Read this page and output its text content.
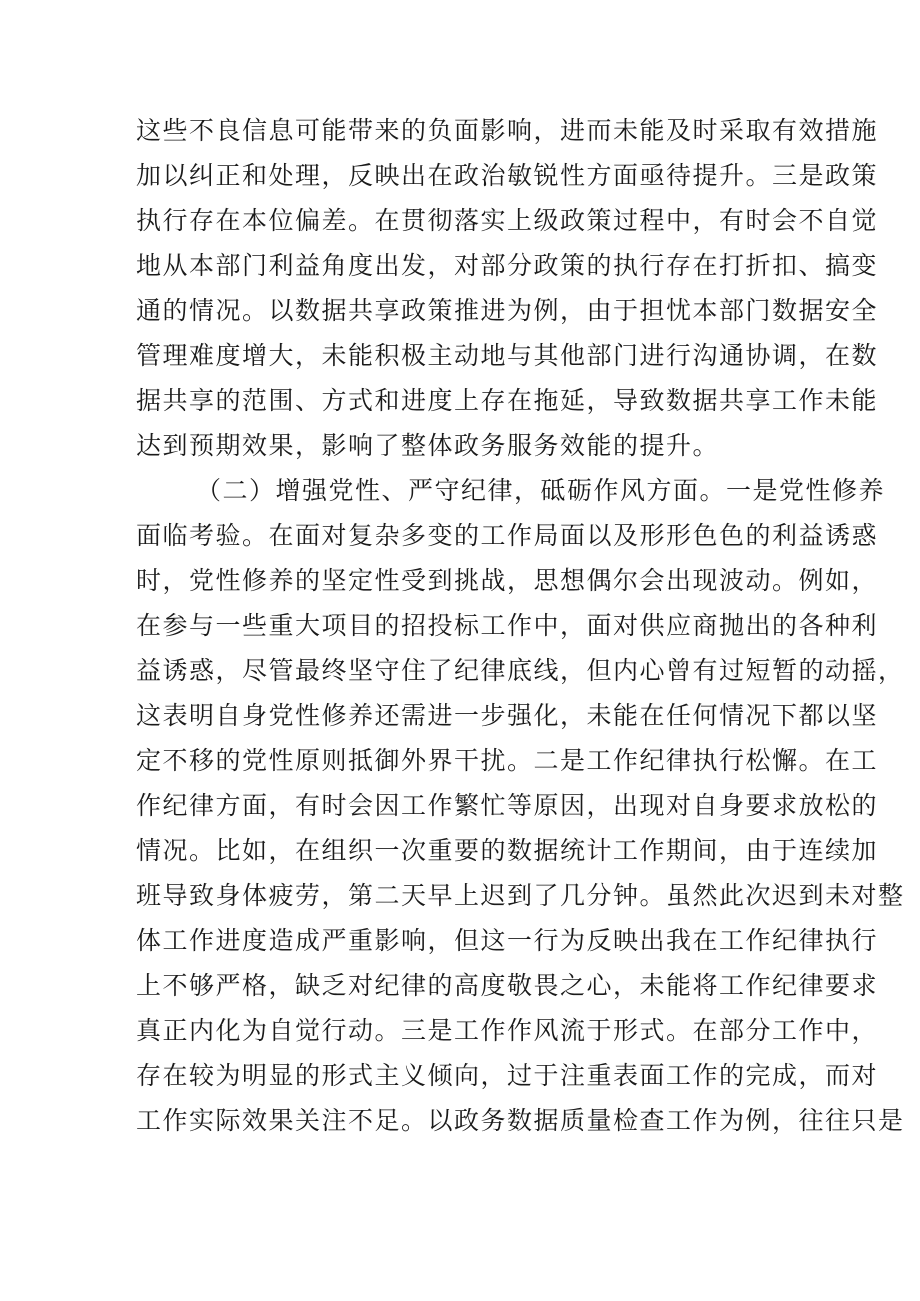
这些不良信息可能带来的负面影响，进而未能及时采取有效措施
加以纠正和处理，反映出在政治敏锐性方面亟待提升。三是政策
执行存在本位偏差。在贯彻落实上级政策过程中，有时会不自觉
地从本部门利益角度出发，对部分政策的执行存在打折扣、搞变
通的情况。以数据共享政策推进为例，由于担忧本部门数据安全
管理难度增大，未能积极主动地与其他部门进行沟通协调，在数
据共享的范围、方式和进度上存在拖延，导致数据共享工作未能
达到预期效果，影响了整体政务服务效能的提升。
（二）增强党性、严守纪律，砥砺作风方面。一是党性修养
面临考验。在面对复杂多变的工作局面以及形形色色的利益诱惑
时，党性修养的坚定性受到挑战，思想偶尔会出现波动。例如，
在参与一些重大项目的招投标工作中，面对供应商抛出的各种利
益诱惑，尽管最终坚守住了纪律底线，但内心曾有过短暂的动摇，
这表明自身党性修养还需进一步强化，未能在任何情况下都以坚
定不移的党性原则抵御外界干扰。二是工作纪律执行松懈。在工
作纪律方面，有时会因工作繁忙等原因，出现对自身要求放松的
情况。比如，在组织一次重要的数据统计工作期间，由于连续加
班导致身体疲劳，第二天早上迟到了几分钟。虽然此次迟到未对整
体工作进度造成严重影响，但这一行为反映出我在工作纪律执行
上不够严格，缺乏对纪律的高度敬畏之心，未能将工作纪律要求
真正内化为自觉行动。三是工作作风流于形式。在部分工作中，
存在较为明显的形式主义倾向，过于注重表面工作的完成，而对
工作实际效果关注不足。以政务数据质量检查工作为例，往往只是
